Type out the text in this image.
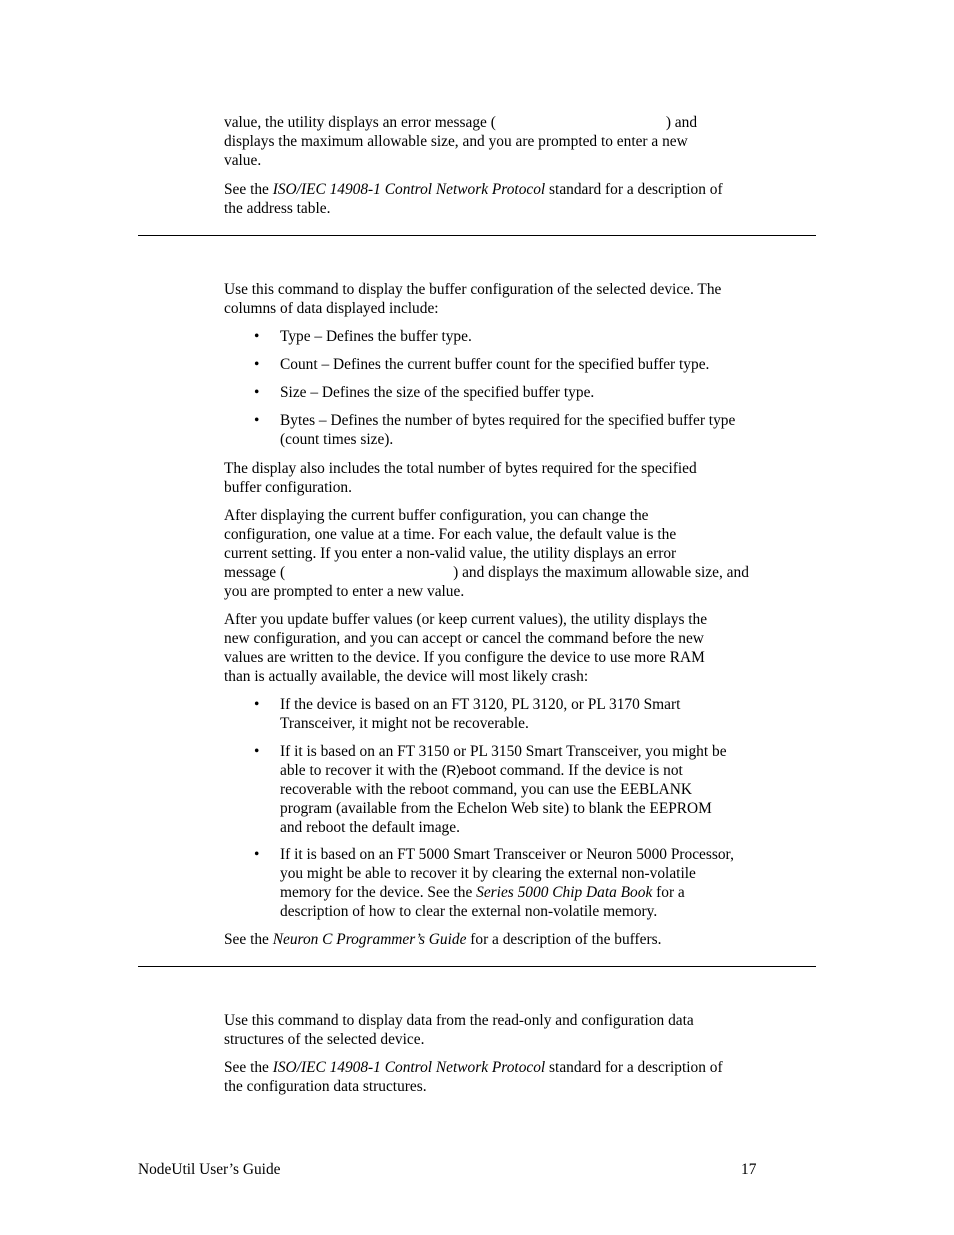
value, the utility displays an error message (	) and
displays the maximum allowable size, and you are prompted to enter a new
value.

See the ISO/IEC 14908-1 Control Network Protocol standard for a description of
the address table.

Use this command to display the buffer configuration of the selected device. The
columns of data displayed include:

• Type – Defines the buffer type.
• Count – Defines the current buffer count for the specified buffer type.
• Size – Defines the size of the specified buffer type.
• Bytes – Defines the number of bytes required for the specified buffer type
(count times size).

The display also includes the total number of bytes required for the specified
buffer configuration.

After displaying the current buffer configuration, you can change the
configuration, one value at a time. For each value, the default value is the
current setting. If you enter a non-valid value, the utility displays an error
message (	) and displays the maximum allowable size, and
you are prompted to enter a new value.

After you update buffer values (or keep current values), the utility displays the
new configuration, and you can accept or cancel the command before the new
values are written to the device. If you configure the device to use more RAM
than is actually available, the device will most likely crash:

• If the device is based on an FT 3120, PL 3120, or PL 3170 Smart
Transceiver, it might not be recoverable.
• If it is based on an FT 3150 or PL 3150 Smart Transceiver, you might be
able to recover it with the (R)eboot command. If the device is not
recoverable with the reboot command, you can use the EEBLANK
program (available from the Echelon Web site) to blank the EEPROM
and reboot the default image.
• If it is based on an FT 5000 Smart Transceiver or Neuron 5000 Processor,
you might be able to recover it by clearing the external non-volatile
memory for the device. See the Series 5000 Chip Data Book for a
description of how to clear the external non-volatile memory.

See the Neuron C Programmer’s Guide for a description of the buffers.

Use this command to display data from the read-only and configuration data
structures of the selected device.

See the ISO/IEC 14908-1 Control Network Protocol standard for a description of
the configuration data structures.

NodeUtil User’s Guide	17
